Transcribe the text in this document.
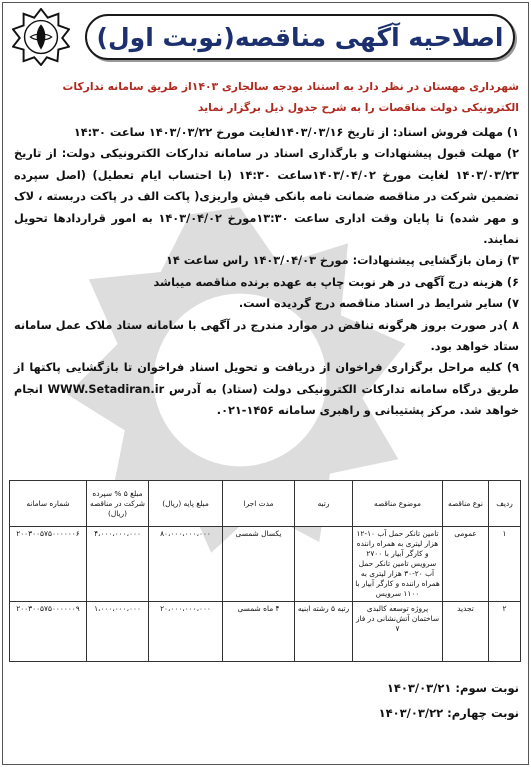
اصلاحیه آگهی مناقصه(نوبت اول)
شهرداری مهستان در نظر دارد به استناد بودجه سالجاری ۱۴۰۳از طریق سامانه تدارکات الکترونیکی دولت مناقصات را به شرح جدول ذیل برگزار نماید

۱) مهلت فروش اسناد: از تاریخ ۱۴۰۳/۰۳/۱۶لغایت مورخ ۱۴۰۳/۰۳/۲۲ ساعت ۱۴:۳۰

۲) مهلت قبول پیشنهادات و بارگذاری اسناد در سامانه تدارکات الکترونیکی دولت: از تاریخ ۱۴۰۳/۰۳/۲۳ لغایت مورخ ۱۴۰۳/۰۴/۰۲ساعت ۱۴:۳۰ (با احتساب ایام تعطیل) (اصل سپرده تضمین شرکت در مناقصه ضمانت نامه بانکی فیش واریزی( پاکت الف در پاکت دربسته ، لاک و مهر شده) تا پایان وقت اداری ساعت ۱۳:۳۰مورخ ۱۴۰۳/۰۴/۰۲ به امور قراردادها تحویل نمایند.

۳) زمان بازگشایی پیشنهادات: مورخ ۱۴۰۳/۰۴/۰۳ راس ساعت ۱۴

۶) هزینه درج آگهی در هر نوبت چاپ به عهده برنده مناقصه میباشد

۷) سایر شرایط در اسناد مناقصه درج گردیده است.

۸ )در صورت بروز هرگونه تناقض در موارد مندرج در آگهی با سامانه ستاد ملاک عمل سامانه ستاد خواهد بود.

۹) کلیه مراحل برگزاری فراخوان از دریافت و تحویل اسناد فراخوان تا بازگشایی پاکتها از طریق درگاه سامانه تدارکات الکترونیکی دولت (ستاد) به آدرس WWW.Setadiran.ir انجام خواهد شد. مرکز پشتیبانی و راهبری سامانه ۱۴۵۶-۰۲۱.

ردیف	نوع مناقصه	موضوع مناقصه	رتبه	مدت اجرا	مبلغ پایه (ریال)	مبلغ ۵ % سپرده شرکت در مناقصه (ریال)	شماره سامانه
۱	عمومی	تامین تانکر حمل آب ۱۰-۱۲ هزار لیتری به همراه راننده و کارگر آبیار با ۲۷۰۰ سرویس تامین تانکر حمل آب ۲۰-۳۰ هزار لیتری به همراه راننده و کارگر آبیار با ۱۱۰۰ سرویس		یکسال شمسی	۸۰،۰۰۰،۰۰۰،۰۰۰	۴،۰۰۰،۰۰۰،۰۰۰	۲۰۰۳۰۰۵۷۵۰۰۰۰۰۰۶
۲	تجدید	پروژه توسعه کالبدی ساختمان آتش‌نشانی در فاز ۷	رتبه ۵ رشته ابنیه	۴ ماه شمسی	۲۰،۰۰۰،۰۰۰،۰۰۰	۱،۰۰۰،۰۰۰،۰۰۰	۲۰۰۳۰۰۵۷۵۰۰۰۰۰۰۹
نوبت سوم:
۱۴۰۳/۰۳/۲۱
نوبت چهارم:
۱۴۰۳/۰۳/۲۲
